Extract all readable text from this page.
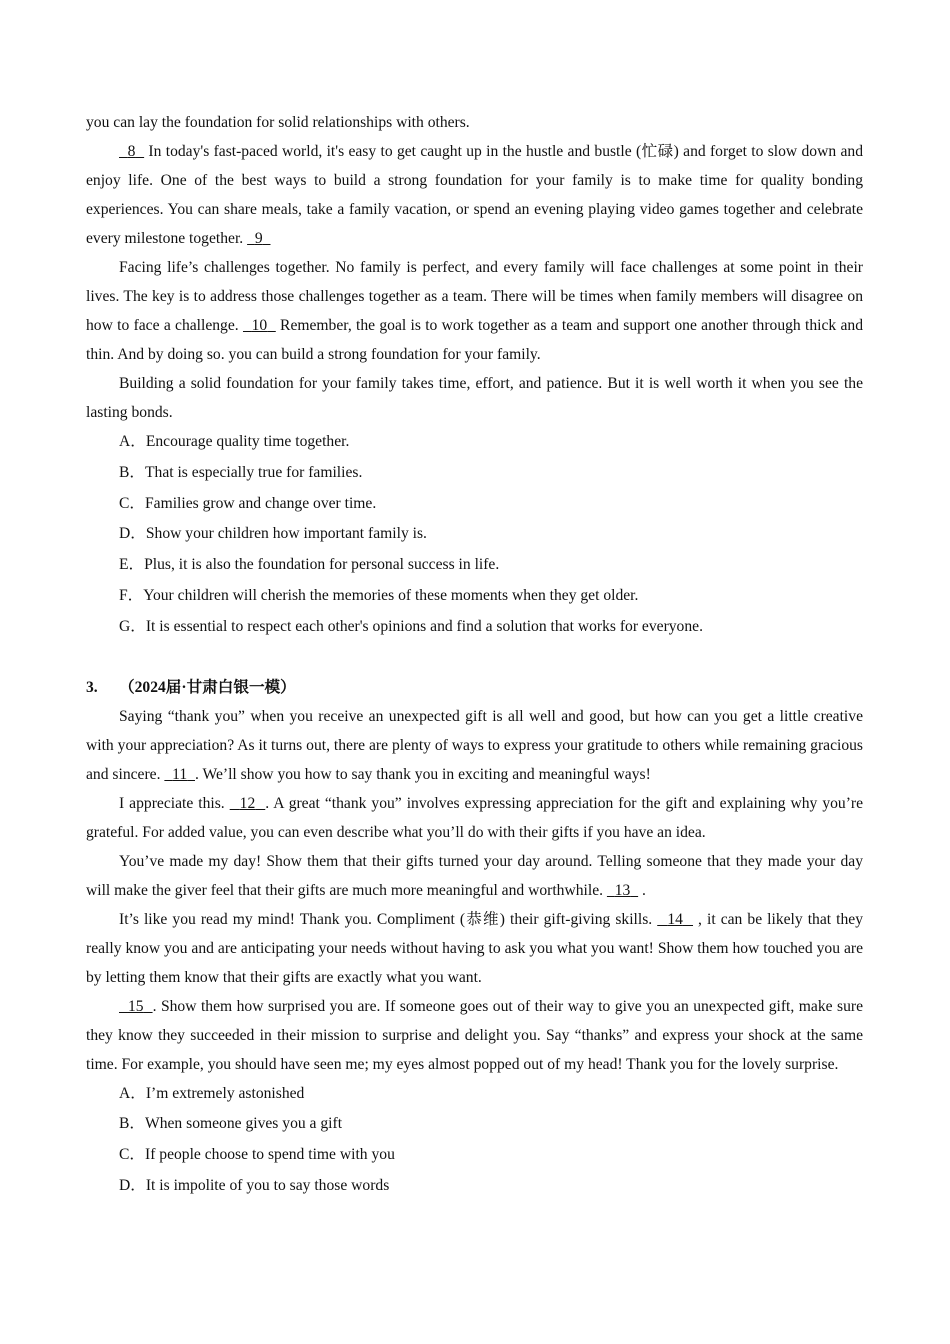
you can lay the foundation for solid relationships with others.

8   In today's fast-paced world, it's easy to get caught up in the hustle and bustle (忙碌) and forget to slow down and enjoy life. One of the best ways to build a strong foundation for your family is to make time for quality bonding experiences. You can share meals, take a family vacation, or spend an evening playing video games together and celebrate every milestone together.   9

Facing life’s challenges together. No family is perfect, and every family will face challenges at some point in their lives. The key is to address those challenges together as a team. There will be times when family members will disagree on how to face a challenge.   10   Remember, the goal is to work together as a team and support one another through thick and thin. And by doing so. you can build a strong foundation for your family.

Building a solid foundation for your family takes time, effort, and patience. But it is well worth it when you see the lasting bonds.

A．Encourage quality time together.
B．That is especially true for families.
C．Families grow and change over time.
D．Show your children how important family is.
E．Plus, it is also the foundation for personal success in life.
F．Your children will cherish the memories of these moments when they get older.
G．It is essential to respect each other's opinions and find a solution that works for everyone.
3. （2024届·甘肃白银一模）

Saying “thank you” when you receive an unexpected gift is all well and good, but how can you get a little creative with your appreciation? As it turns out, there are plenty of ways to express your gratitude to others while remaining gracious and sincere.   11 . We’ll show you how to say thank you in exciting and meaningful ways!

I appreciate this.   12 . A great “thank you” involves expressing appreciation for the gift and explaining why you’re grateful. For added value, you can even describe what you’ll do with their gifts if you have an idea.

You’ve made my day! Show them that their gifts turned your day around. Telling someone that they made your day will make the giver feel that their gifts are much more meaningful and worthwhile.   13   .

It’s like you read my mind! Thank you. Compliment (恭维) their gift-giving skills.   14   , it can be likely that they really know you and are anticipating your needs without having to ask you what you want! Show them how touched you are by letting them know that their gifts are exactly what you want.

15 . Show them how surprised you are. If someone goes out of their way to give you an unexpected gift, make sure they know they succeeded in their mission to surprise and delight you. Say “thanks” and express your shock at the same time. For example, you should have seen me; my eyes almost popped out of my head! Thank you for the lovely surprise.

A．I’m extremely astonished
B．When someone gives you a gift
C．If people choose to spend time with you
D．It is impolite of you to say those words
